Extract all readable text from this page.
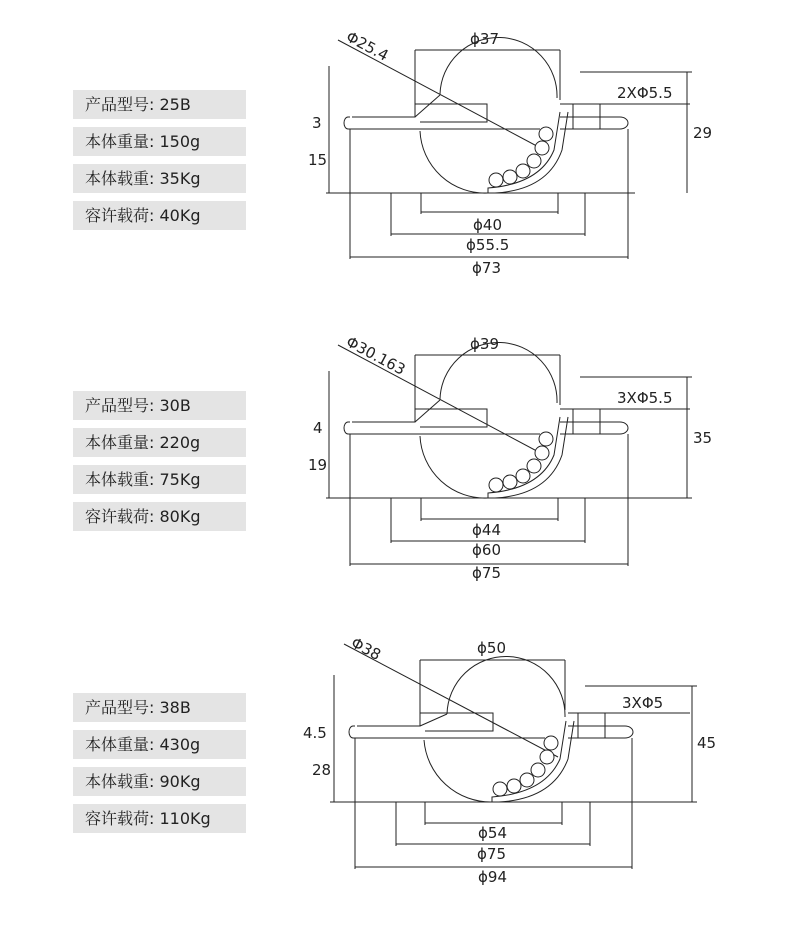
产品型号: 25B
本体重量: 150g
本体载重: 35Kg
容许载荷: 40Kg
Φ25.4	ϕ37
2XΦ5.5
3
15
29
ϕ40
ϕ55.5
ϕ73
产品型号: 30B
本体重量: 220g
本体载重: 75Kg
容许载荷: 80Kg
Φ30.163	ϕ39
3XΦ5.5
4
19
35
ϕ44
ϕ60
ϕ75
产品型号: 38B
本体重量: 430g
本体载重: 90Kg
容许载荷: 110Kg
Φ38	ϕ50
3XΦ5
4.5
28
45
ϕ54
ϕ75
ϕ94
